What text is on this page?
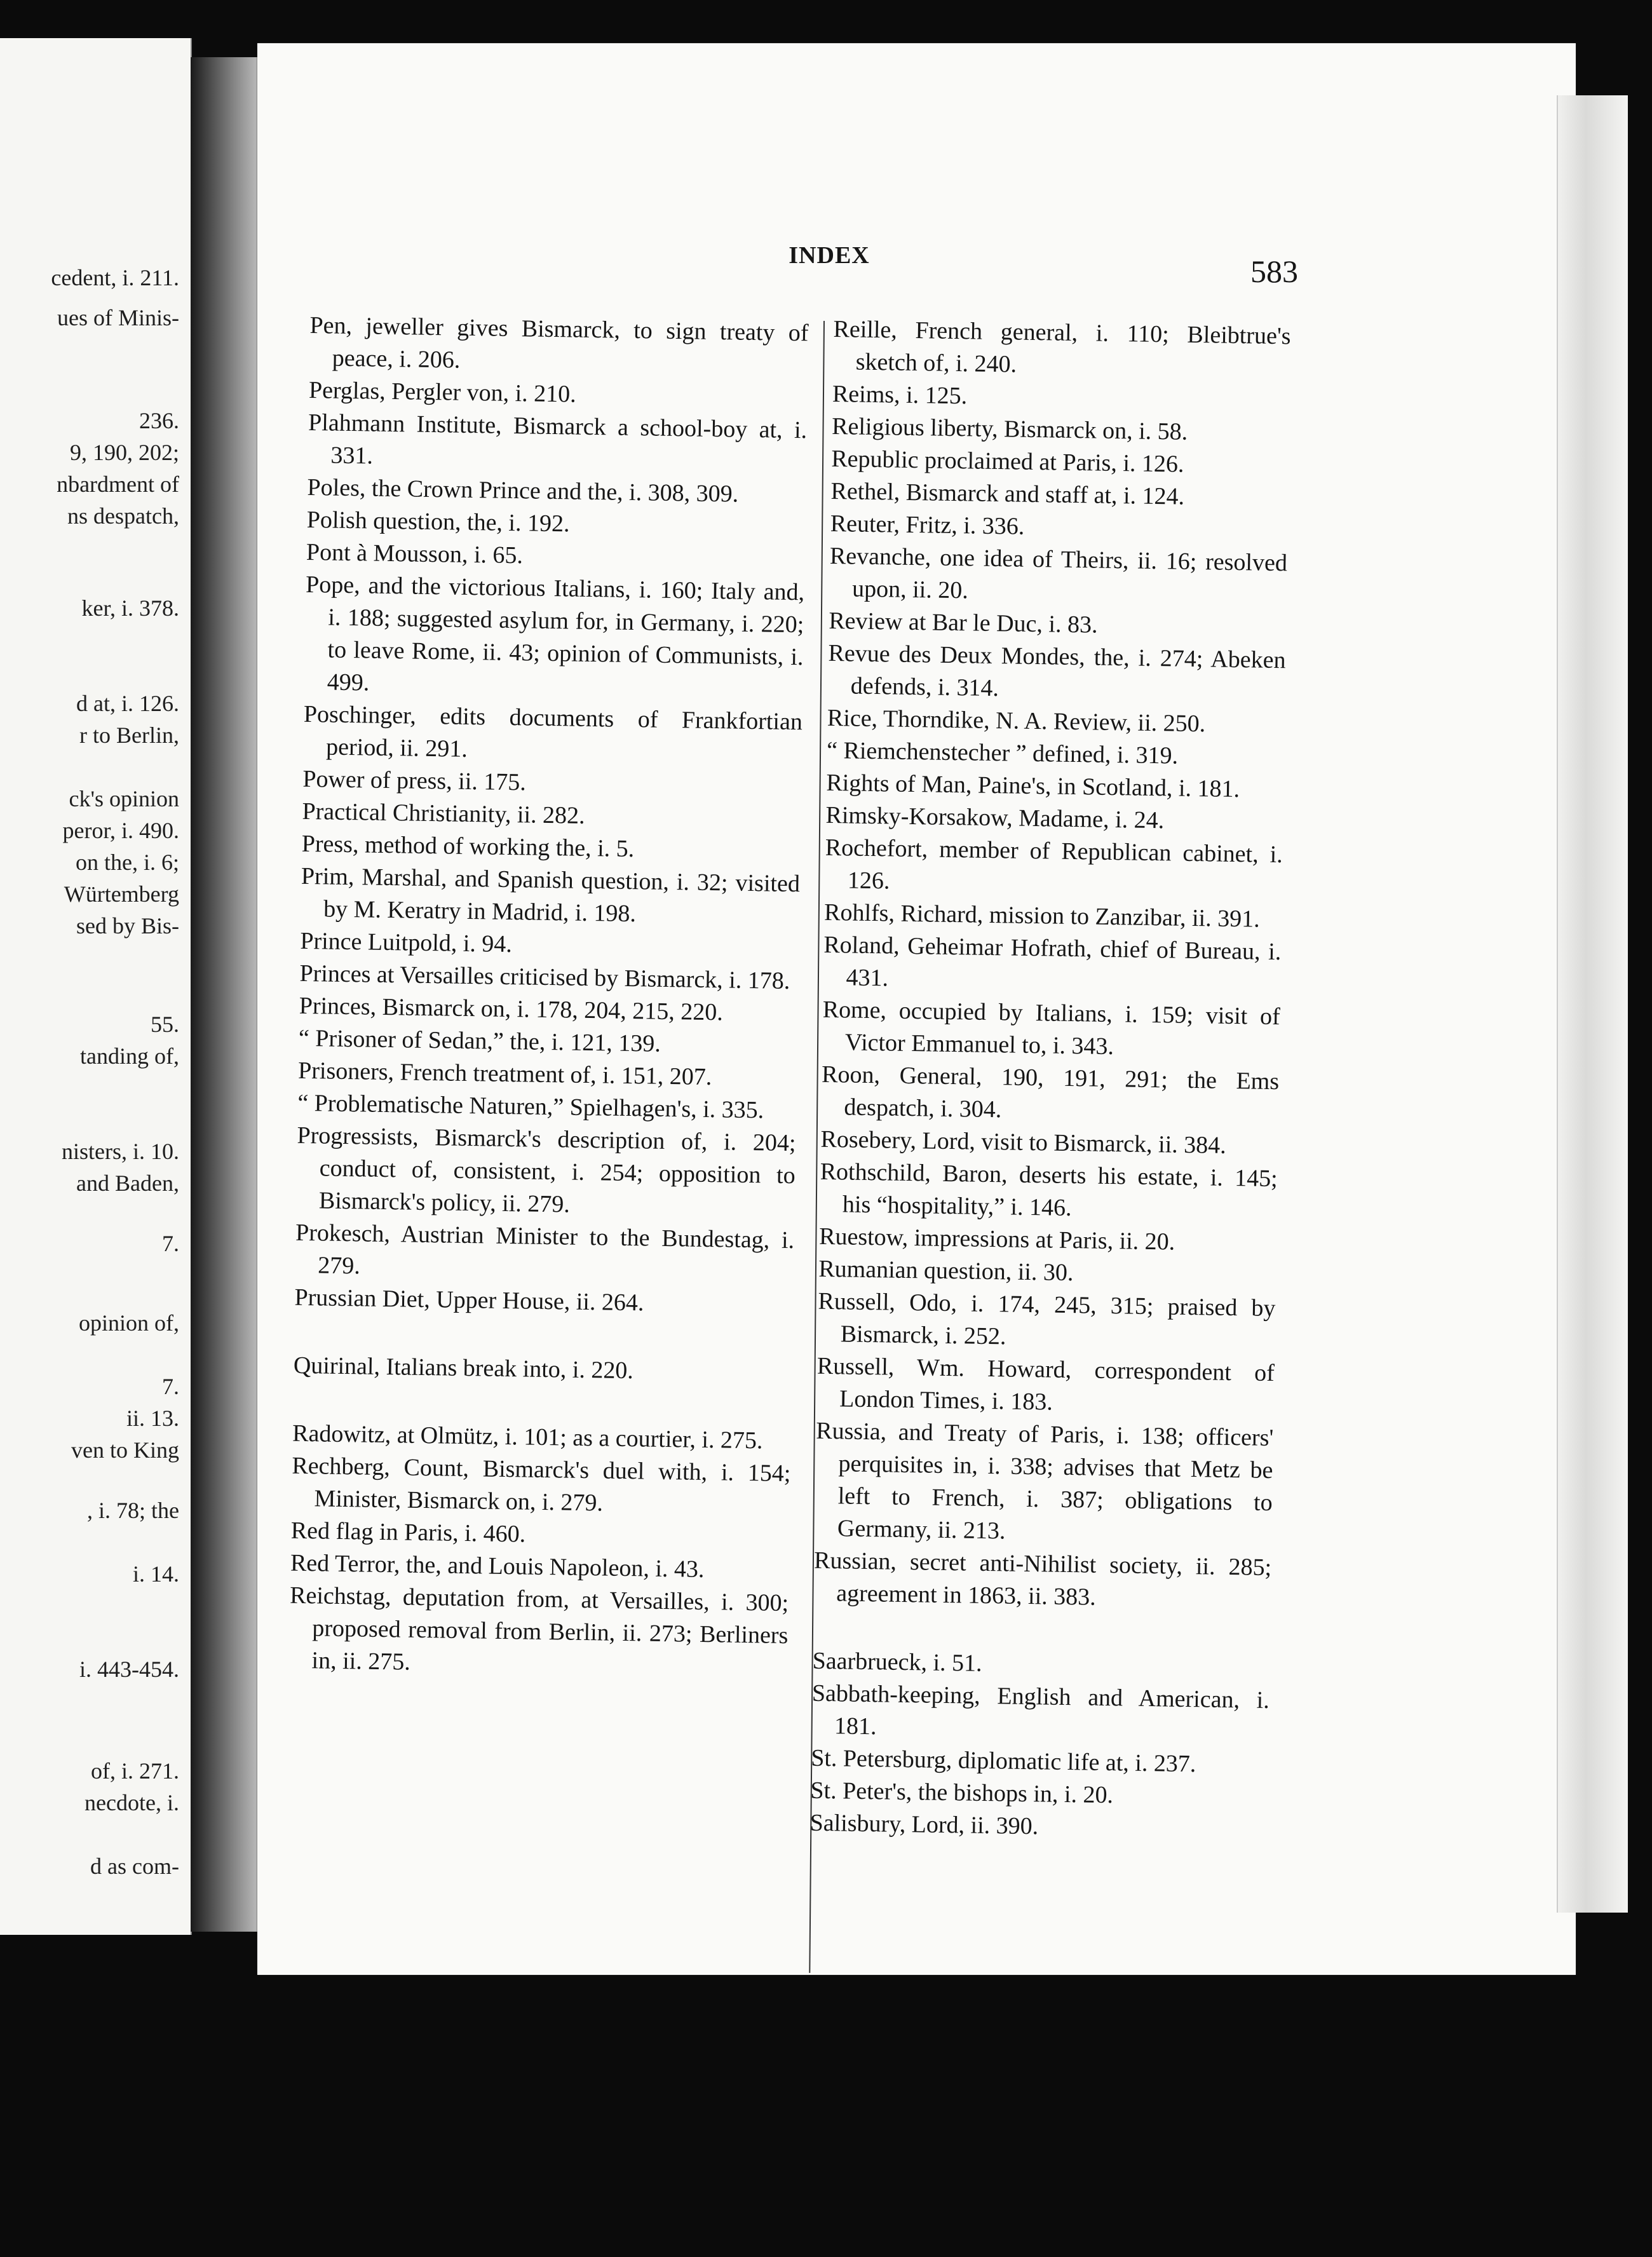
cedent, i. 211.
ues of Minis-
236.
9, 190, 202;
nbardment of
ns despatch,
ker, i. 378.
d at, i. 126.
r to Berlin,
ck's opinion
peror, i. 490.
on the, i. 6;
Würtemberg
sed by Bis-
55.
tanding of,
nisters, i. 10.
and Baden,
7.
opinion of,
7.
ii. 13.
ven to King
, i. 78; the
i. 14.
i. 443-454.
of, i. 271.
necdote, i.
d as com-
INDEX	583

Pen, jeweller gives Bismarck, to sign treaty of peace, i. 206.

Perglas, Pergler von, i. 210.

Plahmann Institute, Bismarck a school-boy at, i. 331.

Poles, the Crown Prince and the, i. 308, 309.

Polish question, the, i. 192.

Pont à Mousson, i. 65.

Pope, and the victorious Italians, i. 160; Italy and, i. 188; suggested asylum for, in Germany, i. 220; to leave Rome, ii. 43; opinion of Communists, i. 499.

Poschinger, edits documents of Frankfortian period, ii. 291.

Power of press, ii. 175.

Practical Christianity, ii. 282.

Press, method of working the, i. 5.

Prim, Marshal, and Spanish question, i. 32; visited by M. Keratry in Madrid, i. 198.

Prince Luitpold, i. 94.

Princes at Versailles criticised by Bismarck, i. 178.

Princes, Bismarck on, i. 178, 204, 215, 220.

“ Prisoner of Sedan,” the, i. 121, 139.

Prisoners, French treatment of, i. 151, 207.

“ Problematische Naturen,” Spielhagen's, i. 335.

Progressists, Bismarck's description of, i. 204; conduct of, consistent, i. 254; opposition to Bismarck's policy, ii. 279.

Prokesch, Austrian Minister to the Bundestag, i. 279.

Prussian Diet, Upper House, ii. 264.

Quirinal, Italians break into, i. 220.

Radowitz, at Olmütz, i. 101; as a courtier, i. 275.

Rechberg, Count, Bismarck's duel with, i. 154; Minister, Bismarck on, i. 279.

Red flag in Paris, i. 460.

Red Terror, the, and Louis Napoleon, i. 43.

Reichstag, deputation from, at Versailles, i. 300; proposed removal from Berlin, ii. 273; Berliners in, ii. 275.

Reille, French general, i. 110; Bleibtrue's sketch of, i. 240.

Reims, i. 125.

Religious liberty, Bismarck on, i. 58.

Republic proclaimed at Paris, i. 126.

Rethel, Bismarck and staff at, i. 124.

Reuter, Fritz, i. 336.

Revanche, one idea of Theirs, ii. 16; resolved upon, ii. 20.

Review at Bar le Duc, i. 83.

Revue des Deux Mondes, the, i. 274; Abeken defends, i. 314.

Rice, Thorndike, N. A. Review, ii. 250.

“ Riemchenstecher ” defined, i. 319.

Rights of Man, Paine's, in Scotland, i. 181.

Rimsky-Korsakow, Madame, i. 24.

Rochefort, member of Republican cabinet, i. 126.

Rohlfs, Richard, mission to Zanzibar, ii. 391.

Roland, Geheimar Hofrath, chief of Bureau, i. 431.

Rome, occupied by Italians, i. 159; visit of Victor Emmanuel to, i. 343.

Roon, General, 190, 191, 291; the Ems despatch, i. 304.

Rosebery, Lord, visit to Bismarck, ii. 384.

Rothschild, Baron, deserts his estate, i. 145; his “hospitality,” i. 146.

Ruestow, impressions at Paris, ii. 20.

Rumanian question, ii. 30.

Russell, Odo, i. 174, 245, 315; praised by Bismarck, i. 252.

Russell, Wm. Howard, correspondent of London Times, i. 183.

Russia, and Treaty of Paris, i. 138; officers' perquisites in, i. 338; advises that Metz be left to French, i. 387; obligations to Germany, ii. 213.

Russian, secret anti-Nihilist society, ii. 285; agreement in 1863, ii. 383.

Saarbrueck, i. 51.

Sabbath-keeping, English and American, i. 181.

St. Petersburg, diplomatic life at, i. 237.

St. Peter's, the bishops in, i. 20.

Salisbury, Lord, ii. 390.
